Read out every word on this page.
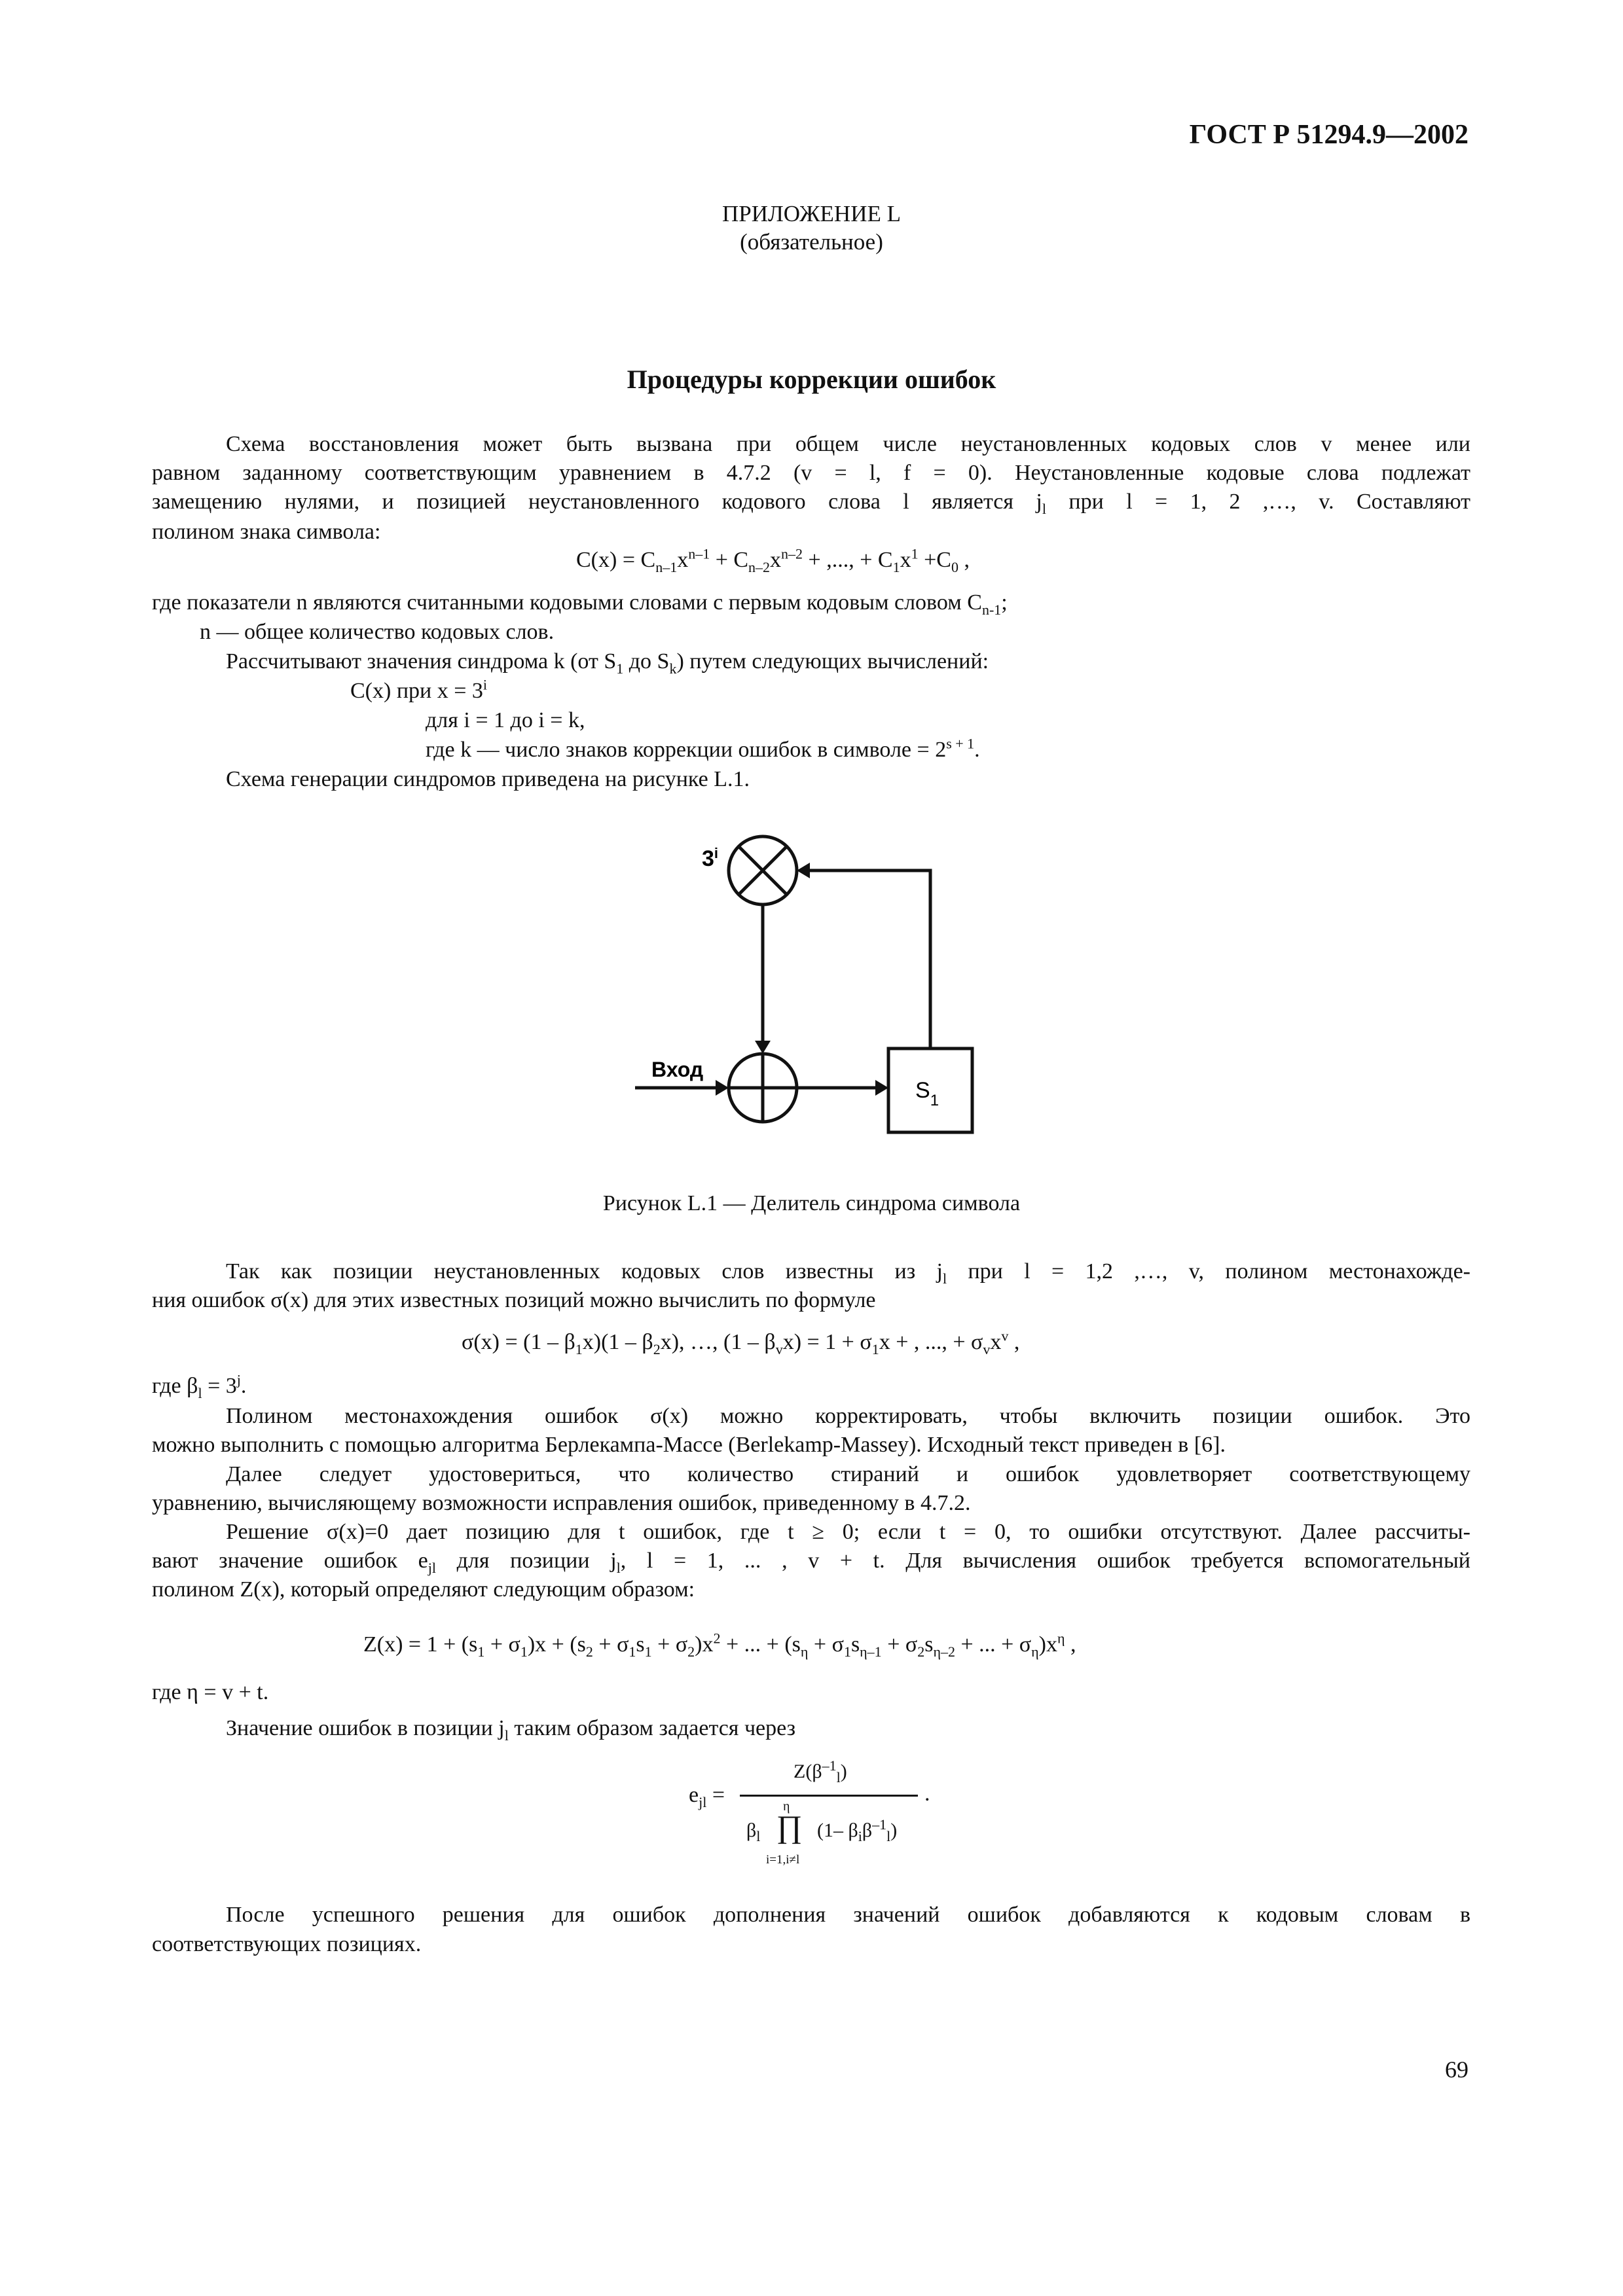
ГОСТ Р 51294.9—2002
ПРИЛОЖЕНИЕ L
(обязательное)
Процедуры коррекции ошибок
Схема восстановления может быть вызвана при общем числе неустановленных кодовых слов v менее или
равном заданному соответствующим уравнением в 4.7.2 (v = l, f = 0). Неустановленные кодовые слова подлежат
замещению нулями, и позицией неустановленного кодового слова l является $j_l$ при l = 1, 2 ,…, v. Составляют
полином знака символа:
$C(x) = C_{n-1}x^{n-1} + C_{n-2}x^{n-2}$ + ,..., + $C_1x^1 +C_0$ ,
где показатели n являются считанными кодовыми словами с первым кодовым словом $C_{n-1}$;
n — общее количество кодовых слов.
Рассчитывают значения синдрома k (от $S_1$ до $S_k$) путем следующих вычислений:
C(x) при $x = 3^i$
для i = 1 до i = k,
где k — число знаков коррекции ошибок в символе = $2^{s + 1}$.
Схема генерации синдромов приведена на рисунке L.1.
3$^i$
Вход
$S_1$
Рисунок L.1 — Делитель синдрома символа
Так как позиции неустановленных кодовых слов известны из $j_l$ при l = 1,2 ,…, v, полином местонахожде-
ния ошибок σ(x) для этих известных позиций можно вычислить по формуле
$\sigma(x) = (1 - \beta_1x)(1 - \beta_2x)$, …, $(1 - \beta_vx) = 1 + \sigma_1x$ + , ..., + $\sigma_vx^v$ ,
где $\beta_l = 3^j$.
Полином местонахождения ошибок σ(x) можно корректировать, чтобы включить позиции ошибок. Это
можно выполнить с помощью алгоритма Берлекампа-Массе (Berlekamp-Massey). Исходный текст приведен в [6].
Далее следует удостовериться, что количество стираний и ошибок удовлетворяет соответствующему
уравнению, вычисляющему возможности исправления ошибок, приведенному в 4.7.2.
Решение σ(x)=0 дает позицию для t ошибок, где t ≥ 0; если t = 0, то ошибки отсутствуют. Далее рассчиты-
вают значение ошибок $e_{jl}$ для позиции $j_l$, l = 1, ... , v + t. Для вычисления ошибок требуется вспомогательный
полином Z(x), который определяют следующим образом:
$Z(x) = 1 + (s_1 + \sigma_1)x + (s_2 + \sigma_1s_1 + \sigma_2)x^2$ + ... + ($s_\eta + \sigma_1s_{\eta-1} + \sigma_2s_{\eta-2}$ + ... + $\sigma_\eta)x^\eta$ ,
где η = v + t.
Значение ошибок в позиции $j_l$ таким образом задается через
$e_{jl}$ =
$Z(\beta^{-1}_l)$
$\beta_l$
η
∏
i=1,i≠l
(1– $\beta_i\beta^{-1}_l$)
.
После успешного решения для ошибок дополнения значений ошибок добавляются к кодовым словам в
соответствующих позициях.
69
